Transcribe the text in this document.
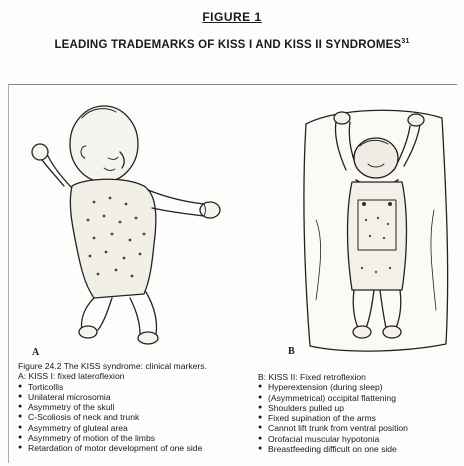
FIGURE 1
LEADING TRADEMARKS OF KISS I AND KISS II SYNDROMES$^{31}$
A	B
Figure 24.2 The KISS syndrome: clinical markers.
A: KISS I: fixed lateroflexion
● Torticollis
● Unilateral microsomia
● Asymmetry of the skull
● C-Scoliosis of neck and trunk
● Asymmetry of gluteal area
● Asymmetry of motion of the limbs
● Retardation of motor development of one side
B: KISS II: Fixed retroflexion
● Hyperextension (during sleep)
● (Asymmetrical) occipital flattening
● Shoulders pulled up
● Fixed supination of the arms
● Cannot lift trunk from ventral position
● Orofacial muscular hypotonia
● Breastfeeding difficult on one side
